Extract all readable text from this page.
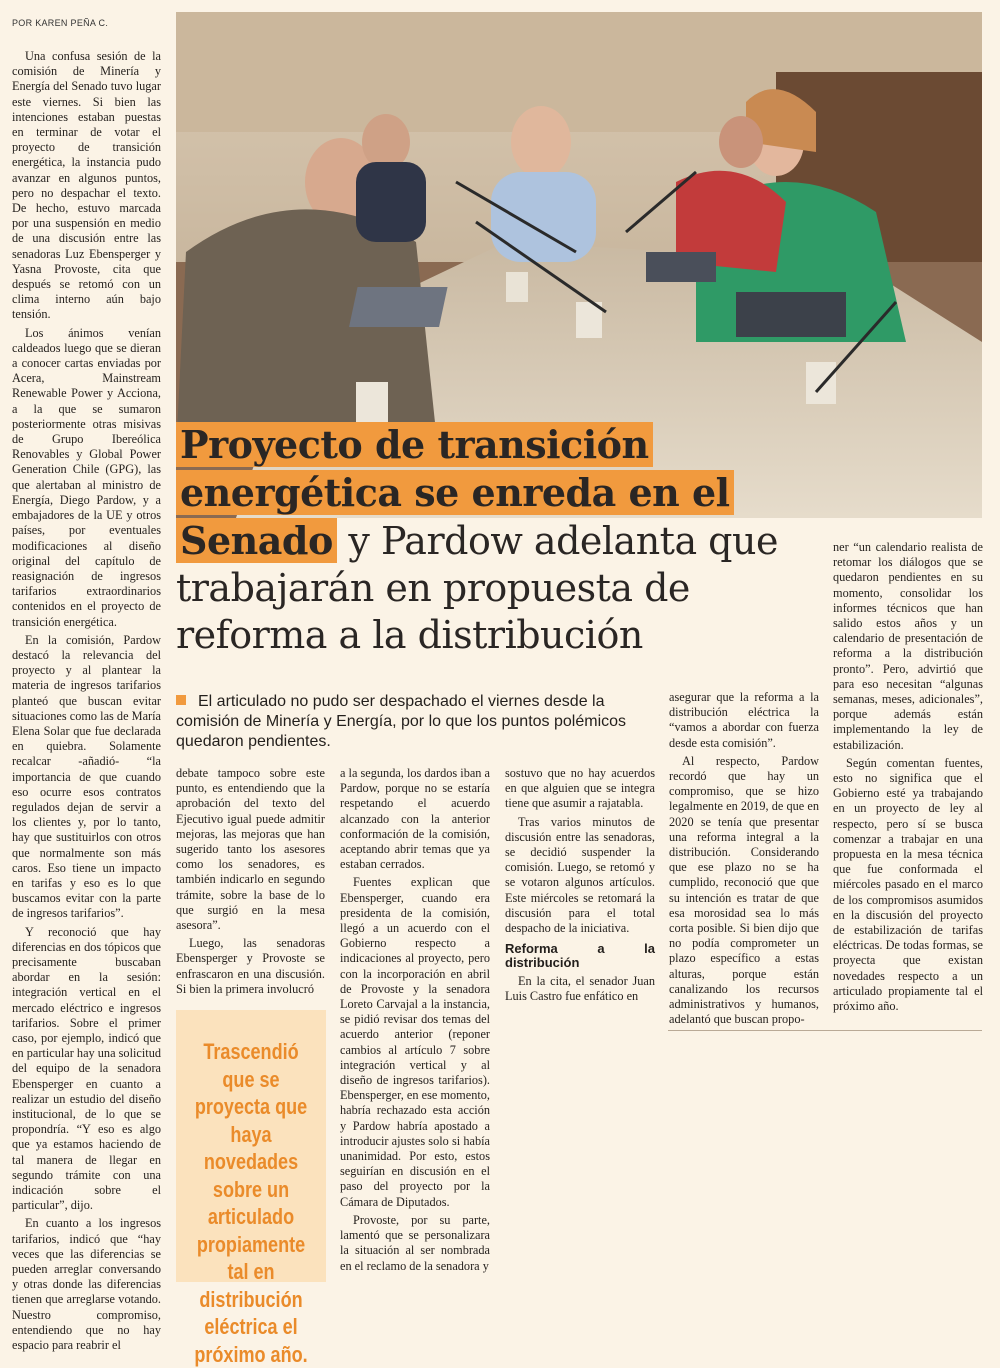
POR KAREN PEÑA C.
Proyecto de transición energética se enreda en el Senado y Pardow adelanta que trabajarán en propuesta de reforma a la distribución
El articulado no pudo ser despachado el viernes desde la comisión de Minería y Energía, por lo que los puntos polémicos quedaron pendientes.
Trascendió que se proyecta que haya novedades sobre un articulado propiamente tal en distribución eléctrica el próximo año.

Una confusa sesión de la comisión de Minería y Energía del Senado tuvo lugar este viernes. Si bien las intenciones estaban puestas en terminar de votar el proyecto de transición energética, la instancia pudo avanzar en algunos puntos, pero no despachar el texto. De hecho, estuvo marcada por una suspensión en medio de una discusión entre las senadoras Luz Ebensperger y Yasna Provoste, cita que después se retomó con un clima interno aún bajo tensión.

Los ánimos venían caldeados luego que se dieran a conocer cartas enviadas por Acera, Mainstream Renewable Power y Acciona, a la que se sumaron posteriormente otras misivas de Grupo Ibereólica Renovables y Global Power Generation Chile (GPG), las que alertaban al ministro de Energía, Diego Pardow, y a embajadores de la UE y otros países, por eventuales modificaciones al diseño original del capítulo de reasignación de ingresos tarifarios extraordinarios contenidos en el proyecto de transición energética.

En la comisión, Pardow destacó la relevancia del proyecto y al plantear la materia de ingresos tarifarios planteó que buscan evitar situaciones como las de María Elena Solar que fue declarada en quiebra. Solamente recalcar -añadió- “la importancia de que cuando eso ocurre esos contratos regulados dejan de servir a los clientes y, por lo tanto, hay que sustituirlos con otros que normalmente son más caros. Eso tiene un impacto en tarifas y eso es lo que buscamos evitar con la parte de ingresos tarifarios”.

Y reconoció que hay diferencias en dos tópicos que precisamente buscaban abordar en la sesión: integración vertical en el mercado eléctrico e ingresos tarifarios. Sobre el primer caso, por ejemplo, indicó que en particular hay una solicitud del equipo de la senadora Ebensperger en cuanto a realizar un estudio del diseño institucional, de lo que se propondría. “Y eso es algo que ya estamos haciendo de tal manera de llegar en segundo trámite con una indicación sobre el particular”, dijo.

En cuanto a los ingresos tarifarios, indicó que “hay veces que las diferencias se pueden arreglar conversando y otras donde las diferencias tienen que arreglarse votando. Nuestro compromiso, entendiendo que no hay espacio para reabrir el

debate tampoco sobre este punto, es entendiendo que la aprobación del texto del Ejecutivo igual puede admitir mejoras, las mejoras que han sugerido tanto los asesores como los senadores, es también indicarlo en segundo trámite, sobre la base de lo que surgió en la mesa asesora”.

Luego, las senadoras Ebensperger y Provoste se enfrascaron en una discusión. Si bien la primera involucró

a la segunda, los dardos iban a Pardow, porque no se estaría respetando el acuerdo alcanzado con la anterior conformación de la comisión, aceptando abrir temas que ya estaban cerrados.

Fuentes explican que Ebensperger, cuando era presidenta de la comisión, llegó a un acuerdo con el Gobierno respecto a indicaciones al proyecto, pero con la incorporación en abril de Provoste y la senadora Loreto Carvajal a la instancia, se pidió revisar dos temas del acuerdo anterior (reponer cambios al artículo 7 sobre integración vertical y al diseño de ingresos tarifarios). Ebensperger, en ese momento, habría rechazado esta acción y Pardow habría apostado a introducir ajustes solo si había unanimidad. Por esto, estos seguirían en discusión en el paso del proyecto por la Cámara de Diputados.

Provoste, por su parte, lamentó que se personalizara la situación al ser nombrada en el reclamo de la senadora y

sostuvo que no hay acuerdos en que alguien que se integra tiene que asumir a rajatabla.

Tras varios minutos de discusión entre las senadoras, se decidió suspender la comisión. Luego, se retomó y se votaron algunos artículos. Este miércoles se retomará la discusión para el total despacho de la iniciativa.

Reforma a la distribución

En la cita, el senador Juan Luis Castro fue enfático en

asegurar que la reforma a la distribución eléctrica la “vamos a abordar con fuerza desde esta comisión”.

Al respecto, Pardow recordó que hay un compromiso, que se hizo legalmente en 2019, de que en 2020 se tenía que presentar una reforma integral a la distribución. Considerando que ese plazo no se ha cumplido, reconoció que que su intención es tratar de que esa morosidad sea lo más corta posible. Si bien dijo que no podía comprometer un plazo específico a estas alturas, porque están canalizando los recursos administrativos y humanos, adelantó que buscan propo-

ner “un calendario realista de retomar los diálogos que se quedaron pendientes en su momento, consolidar los informes técnicos que han salido estos años y un calendario de presentación de reforma a la distribución pronto”. Pero, advirtió que para eso necesitan “algunas semanas, meses, adicionales”, porque además están implementando la ley de estabilización.

Según comentan fuentes, esto no significa que el Gobierno esté ya trabajando en un proyecto de ley al respecto, pero sí se busca comenzar a trabajar en una propuesta en la mesa técnica que fue conformada el miércoles pasado en el marco de los compromisos asumidos en la discusión del proyecto de estabilización de tarifas eléctricas. De todas formas, se proyecta que existan novedades respecto a un articulado propiamente tal el próximo año.
